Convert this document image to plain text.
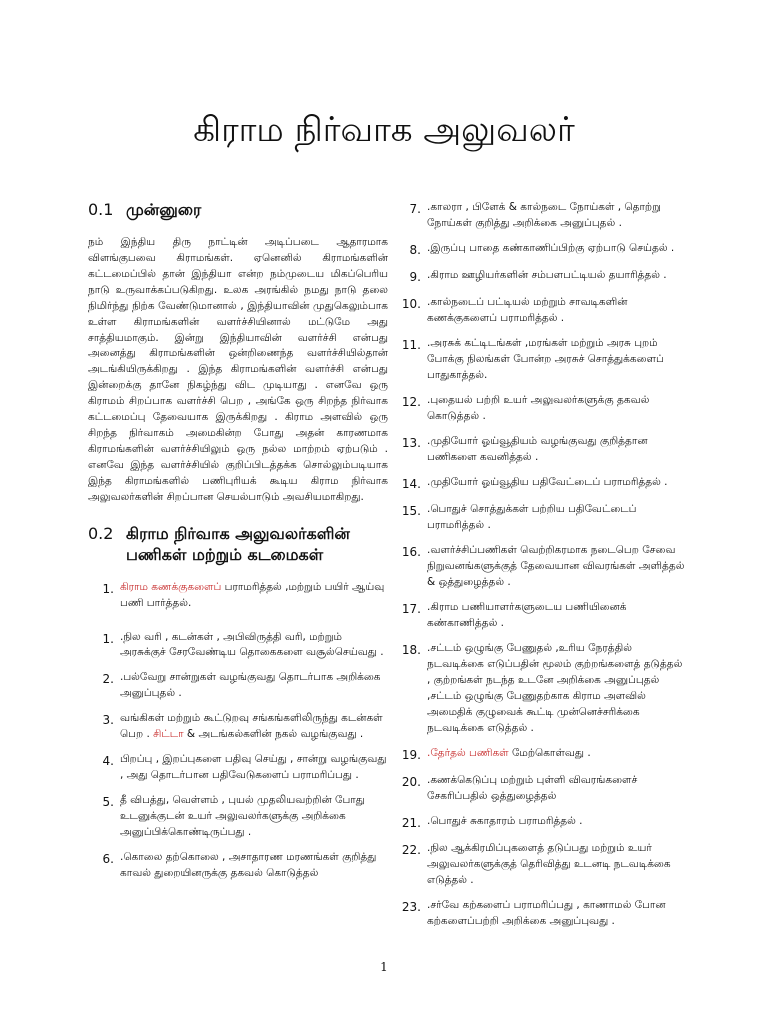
கிராம நிர்வாக அலுவலர்
0.1 முன்னுரை

நம் இந்திய திரு நாட்டின் அடிப்படை ஆதாரமாக விளங்குபவை கிராமங்கள். ஏனெனில் கிராமங்களின் கட்டமைப்பில் தான் இந்தியா என்ற நம்முடைய மிகப்பெரிய நாடு உருவாக்கப்படுகிறது. உலக அரங்கில் நமது நாடு தலை நிமிர்ந்து நிற்க வேண்டுமானால் , இந்தியாவின் முதுகெலும்பாக உள்ள கிராமங்களின் வளர்ச்சியினால் மட்டுமே அது சாத்தியமாகும். இன்று இந்தியாவின் வளர்ச்சி என்பது அனைத்து கிராமங்களின் ஒன்றிணைந்த வளர்ச்சியில்தான் அடங்கியிருக்கிறது . இந்த கிராமங்களின் வளர்ச்சி என்பது இன்றைக்கு தானே நிகழ்ந்து விட முடியாது . எனவே ஒரு கிராமம் சிறப்பாக வளர்ச்சி பெற , அங்கே ஒரு சிறந்த நிர்வாக கட்டமைப்பு தேவையாக இருக்கிறது . கிராம அளவில் ஒரு சிறந்த நிர்வாகம் அமைகின்ற போது அதன் காரணமாக கிராமங்களின் வளர்ச்சியிலும் ஒரு நல்ல மாற்றம் ஏற்படும் . எனவே இந்த வளர்ச்சியில் குறிப்பிடத்தக்க சொல்லும்படியாக இந்த கிராமங்களில் பணிபுரியக் கூடிய கிராம நிர்வாக அலுவலர்களின் சிறப்பான செயல்பாடும் அவசியமாகிறது.

0.2 கிராம நிர்வாக அலுவலர்களின் பணிகள் மற்றும் கடமைகள்
1. கிராம கணக்குகளைப் பராமரித்தல் ,மற்றும் பயிர் ஆய்வு பணி பார்த்தல்.
1. .நில வரி , கடன்கள் , அபிவிருத்தி வரி, மற்றும் அரசுக்குச் சேரவேண்டிய தொகைகளை வசூல்செய்வது .
2. .பல்வேறு சான்றுகள் வழங்குவது தொடர்பாக அறிக்கை அனுப்புதல் .
3. வங்கிகள் மற்றும் கூட்டுறவு சங்கங்களிலிருந்து கடன்கள் பெற . சிட்டா & அடங்கல்களின் நகல் வழங்குவது .
4. பிறப்பு , இறப்புகளை பதிவு செய்து , சான்று வழங்குவது , அது தொடர்பான பதிவேடுகளைப் பராமரிப்பது .
5. தீ விபத்து, வெள்ளம் , புயல் முதலியவற்றின் போது உடனுக்குடன் உயர் அலுவலர்களுக்கு அறிக்கை அனுப்பிக்கொண்டிருப்பது .
6. .கொலை தற்கொலை , அசாதாரண மரணங்கள் குறித்து காவல் துறையினருக்கு தகவல் கொடுத்தல்
7. .காலரா , பிளேக் & கால்நடை நோய்கள் , தொற்று நோய்கள் குறித்து அறிக்கை அனுப்புதல் .
8. .இருப்பு பாதை கண்காணிப்பிற்கு ஏற்பாடு செய்தல் .
9. .கிராம ஊழியர்களின் சம்பளபட்டியல் தயாரித்தல் .
10. .கால்நடைப் பட்டியல் மற்றும் சாவடிகளின் கணக்குகளைப் பராமரித்தல் .
11. .அரசுக் கட்டிடங்கள் ,மரங்கள் மற்றும் அரசு புறம் போக்கு நிலங்கள் போன்ற அரசுச் சொத்துக்களைப் பாதுகாத்தல்.
12. .புதையல் பற்றி உயர் அலுவலர்களுக்கு தகவல் கொடுத்தல் .
13. .முதியோர் ஓய்வூதியம் வழங்குவது குறித்தான பணிகளை கவனித்தல் .
14. .முதியோர் ஓய்வூதிய பதிவேட்டைப் பராமரித்தல் .
15. .பொதுச் சொத்துக்கள் பற்றிய பதிவேட்டைப் பராமரித்தல் .
16. .வளர்ச்சிப்பணிகள் வெற்றிகரமாக நடைபெற சேவை நிறுவனங்களுக்குத் தேவையான விவரங்கள் அளித்தல் & ஒத்துழைத்தல் .
17. .கிராம பணியாளர்களுடைய பணியினைக் கண்காணித்தல் .
18. .சட்டம் ஒழுங்கு பேணுதல் ,உரிய நேரத்தில் நடவடிக்கை எடுப்பதின் மூலம் குற்றங்களைத் தடுத்தல் , குற்றங்கள் நடந்த உடனே அறிக்கை அனுப்புதல் ,சட்டம் ஒழுங்கு பேணுதற்காக கிராம அளவில் அமைதிக் குழுவைக் கூட்டி முன்னெச்சரிக்கை நடவடிக்கை எடுத்தல் .
19. .தேர்தல் பணிகள் மேற்கொள்வது .
20. .கணக்கெடுப்பு மற்றும் புள்ளி விவரங்களைச் சேகரிப்பதில் ஒத்துழைத்தல்
21. .பொதுச் சுகாதாரம் பராமரித்தல் .
22. .நில ஆக்கிரமிப்புகளைத் தடுப்பது மற்றும் உயர் அலுவலர்களுக்குத் தெரிவித்து உடனடி நடவடிக்கை எடுத்தல் .
23. .சர்வே கற்களைப் பராமரிப்பது , காணாமல் போன கற்களைப்பற்றி அறிக்கை அனுப்புவது .
1
